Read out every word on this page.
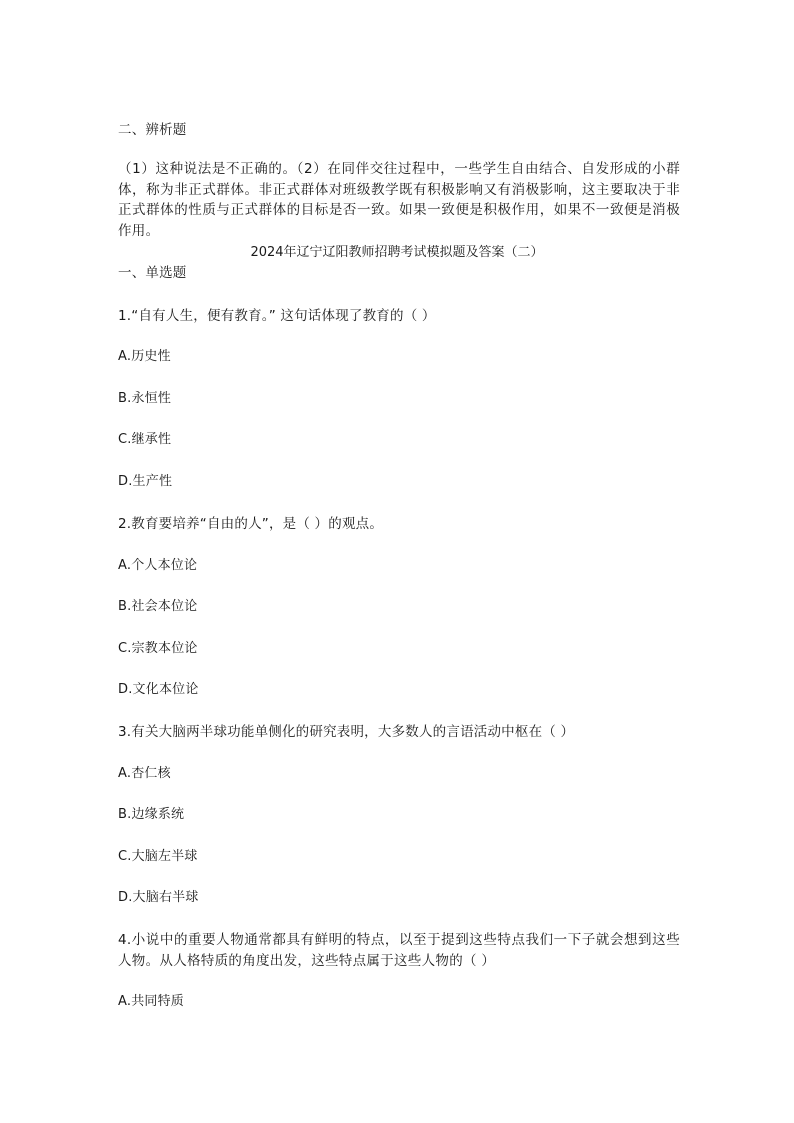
二、辨析题
（1）这种说法是不正确的。（2）在同伴交往过程中，一些学生自由结合、自发形成的小群体，称为非正式群体。非正式群体对班级教学既有积极影响又有消极影响，这主要取决于非正式群体的性质与正式群体的目标是否一致。如果一致便是积极作用，如果不一致便是消极作用。
2024年辽宁辽阳教师招聘考试模拟题及答案（二）
一、单选题
1.“自有人生，便有教育。” 这句话体现了教育的（ ）
A.历史性
B.永恒性
C.继承性
D.生产性
2.教育要培养“自由的人”，是（ ）的观点。
A.个人本位论
B.社会本位论
C.宗教本位论
D.文化本位论
3.有关大脑两半球功能单侧化的研究表明，大多数人的言语活动中枢在（ ）
A.杏仁核
B.边缘系统
C.大脑左半球
D.大脑右半球
4.小说中的重要人物通常都具有鲜明的特点，以至于提到这些特点我们一下子就会想到这些人物。从人格特质的角度出发，这些特点属于这些人物的（ ）
A.共同特质
